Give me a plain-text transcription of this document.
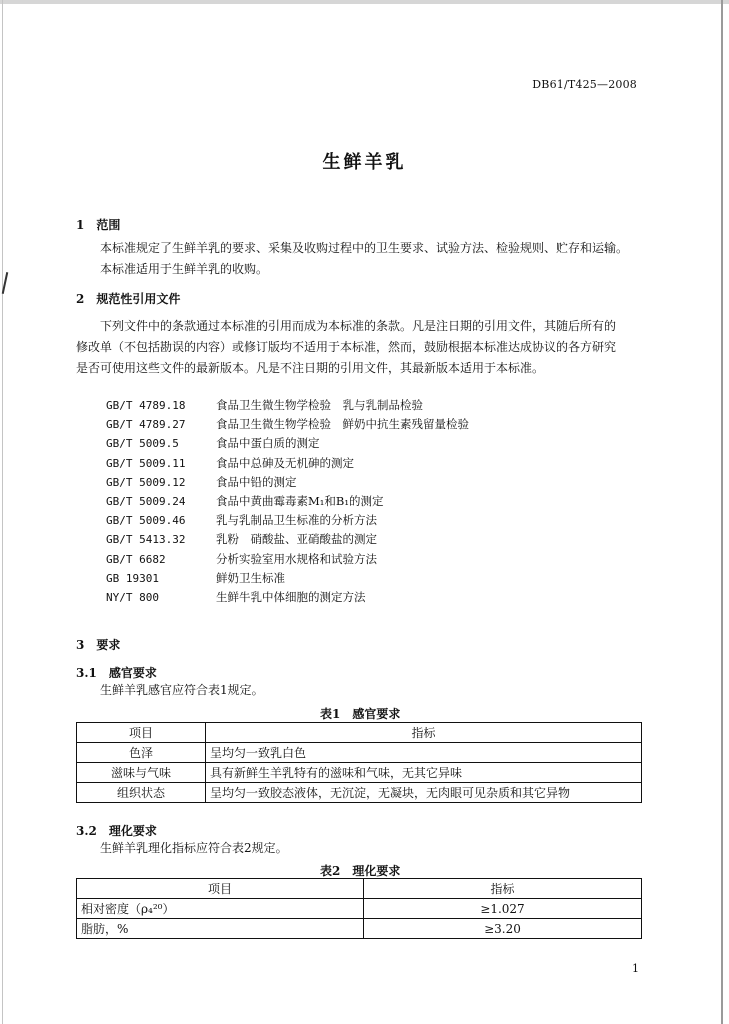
DB61/T425—2008
生鲜羊乳
1　范围
本标准规定了生鲜羊乳的要求、采集及收购过程中的卫生要求、试验方法、检验规则、贮存和运输。
本标准适用于生鲜羊乳的收购。
2　规范性引用文件
下列文件中的条款通过本标准的引用而成为本标准的条款。凡是注日期的引用文件，其随后所有的
修改单（不包括勘误的内容）或修订版均不适用于本标准，然而，鼓励根据本标准达成协议的各方研究
是否可使用这些文件的最新版本。凡是不注日期的引用文件，其最新版本适用于本标准。
GB/T 4789.18	食品卫生微生物学检验　乳与乳制品检验
GB/T 4789.27	食品卫生微生物学检验　鲜奶中抗生素残留量检验
GB/T 5009.5	食品中蛋白质的测定
GB/T 5009.11	食品中总砷及无机砷的测定
GB/T 5009.12	食品中铅的测定
GB/T 5009.24	食品中黄曲霉毒素M₁和B₁的测定
GB/T 5009.46	乳与乳制品卫生标准的分析方法
GB/T 5413.32	乳粉　硝酸盐、亚硝酸盐的测定
GB/T 6682	分析实验室用水规格和试验方法
GB 19301	鲜奶卫生标准
NY/T 800	生鲜牛乳中体细胞的测定方法
3　要求
3.1　感官要求
生鲜羊乳感官应符合表1规定。
表1　感官要求
项目	指标
色泽	呈均匀一致乳白色
滋味与气味	具有新鲜生羊乳特有的滋味和气味，无其它异味
组织状态	呈均匀一致胶态液体，无沉淀，无凝块，无肉眼可见杂质和其它异物
3.2　理化要求
生鲜羊乳理化指标应符合表2规定。
表2　理化要求
项目	指标
相对密度（ρ₄²⁰）	≥1.027
脂肪，%	≥3.20
1
